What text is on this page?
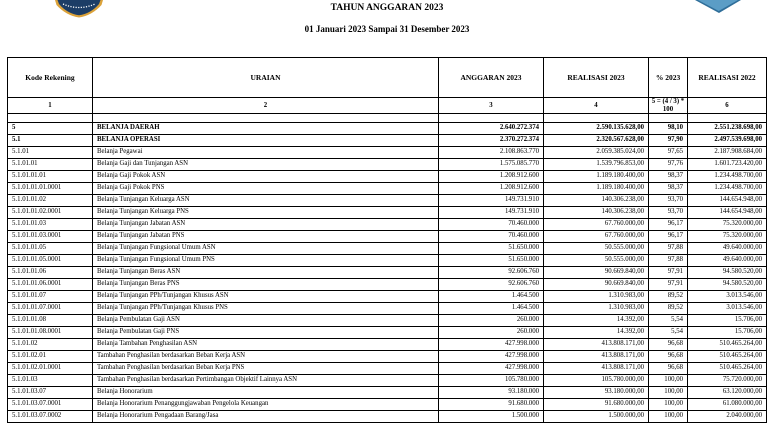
TAHUN ANGGARAN 2023
01 Januari 2023 Sampai 31 Desember 2023
Kode Rekening	URAIAN	ANGGARAN 2023	REALISASI 2023	% 2023	REALISASI 2022
1	2	3	4	5 = (4 / 3) * 100	6

5	BELANJA DAERAH	2.640.272.374	2.590.135.628,00	98,10	2.551.238.698,00
5.1	BELANJA OPERASI	2.370.272.374	2.320.567.628,00	97,90	2.497.539.698,00
5.1.01	Belanja Pegawai	2.108.863.770	2.059.385.024,00	97,65	2.187.908.684,00
5.1.01.01	Belanja Gaji dan Tunjangan ASN	1.575.085.770	1.539.796.853,00	97,76	1.601.723.420,00
5.1.01.01.01	Belanja Gaji Pokok ASN	1.208.912.600	1.189.180.400,00	98,37	1.234.498.700,00
5.1.01.01.01.0001	Belanja Gaji Pokok PNS	1.208.912.600	1.189.180.400,00	98,37	1.234.498.700,00
5.1.01.01.02	Belanja Tunjangan Keluarga ASN	149.731.910	140.306.238,00	93,70	144.654.948,00
5.1.01.01.02.0001	Belanja Tunjangan Keluarga PNS	149.731.910	140.306.238,00	93,70	144.654.948,00
5.1.01.01.03	Belanja Tunjangan Jabatan ASN	70.460.000	67.760.000,00	96,17	75.320.000,00
5.1.01.01.03.0001	Belanja Tunjangan Jabatan PNS	70.460.000	67.760.000,00	96,17	75.320.000,00
5.1.01.01.05	Belanja Tunjangan Fungsional Umum ASN	51.650.000	50.555.000,00	97,88	49.640.000,00
5.1.01.01.05.0001	Belanja Tunjangan Fungsional Umum PNS	51.650.000	50.555.000,00	97,88	49.640.000,00
5.1.01.01.06	Belanja Tunjangan Beras ASN	92.606.760	90.669.840,00	97,91	94.580.520,00
5.1.01.01.06.0001	Belanja Tunjangan Beras PNS	92.606.760	90.669.840,00	97,91	94.580.520,00
5.1.01.01.07	Belanja Tunjangan PPh/Tunjangan Khusus ASN	1.464.500	1.310.983,00	89,52	3.013.546,00
5.1.01.01.07.0001	Belanja Tunjangan PPh/Tunjangan Khusus PNS	1.464.500	1.310.983,00	89,52	3.013.546,00
5.1.01.01.08	Belanja Pembulatan Gaji ASN	260.000	14.392,00	5,54	15.706,00
5.1.01.01.08.0001	Belanja Pembulatan Gaji PNS	260.000	14.392,00	5,54	15.706,00
5.1.01.02	Belanja Tambahan Penghasilan ASN	427.998.000	413.808.171,00	96,68	510.465.264,00
5.1.01.02.01	Tambahan Penghasilan berdasarkan Beban Kerja ASN	427.998.000	413.808.171,00	96,68	510.465.264,00
5.1.01.02.01.0001	Tambahan Penghasilan berdasarkan Beban Kerja PNS	427.998.000	413.808.171,00	96,68	510.465.264,00
5.1.01.03	Tambahan Penghasilan berdasarkan Pertimbangan Objektif Lainnya ASN	105.780.000	105.780.000,00	100,00	75.720.000,00
5.1.01.03.07	Belanja Honorarium	93.180.000	93.180.000,00	100,00	63.120.000,00
5.1.01.03.07.0001	Belanja Honorarium Penanggungjawaban Pengelola Keuangan	91.680.000	91.680.000,00	100,00	61.080.000,00
5.1.01.03.07.0002	Belanja Honorarium Pengadaan Barang/Jasa	1.500.000	1.500.000,00	100,00	2.040.000,00
